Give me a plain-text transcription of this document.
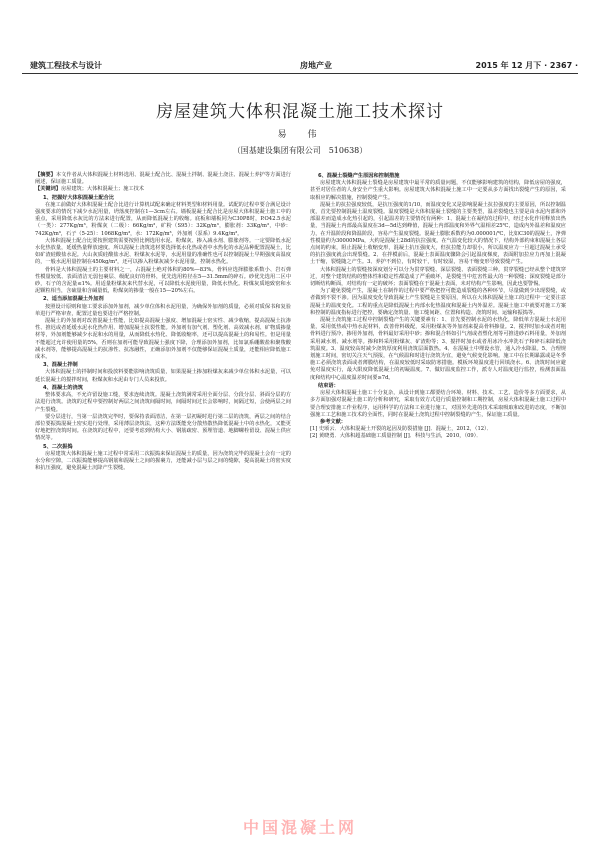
建筑工程技术与设计	房地产业	2015 年 12 月下 · 2367 ·
房屋建筑大体积混凝土施工技术探讨
易　伟
（国基建设集团有限公司　510638）

【摘要】本文作者从大体积混凝土材料选用、混凝土配合比、混凝土拌制、混凝土浇注、混凝土养护等方面进行阐述，保证施工质量。

【关键词】房屋建筑；大体积混凝土；施工技术

1、把握好大体积混凝土配合比

在施工前做好大体积混凝土配合比进行计算机试配来确定材料类型和材料用量。试配的过程中要合满足设计强度要求的情况下减少水泥用量，坍落度控制在1—3cm左右。墙板混凝土配合比是房屋大体积混凝土施工中的重点，采用降低水灰比的方法来进行配置，从而降低混凝土的收缩。底板和墙板同为C30P8时，P.O42.5水泥（一类）：277Kg/m³，粉煤灰（二级）：66Kg/m³，矿粉（S95）：32Kg/m³，膨胀剂：33Kg/m³，中砂：742Kg/m³，石子（5-25）：1068Kg/m³，水：172Kg/m³，外加剂（泵系）9.4Kg/m³。

大体积混凝土配合比要按照建筑需要按照比例选用水泥、粉煤灰、掺入减水剂、膨胀剂等。一定要降低水泥水化热放量，延缓热量释放速度。所以混凝土浇筑选材要选择低水化热或者中水热化的水泥品种配置混凝土，比如矿渣硅酸盐水泥。大山灰质硅酸盐水泥、粉煤灰水泥等，水泥用量的准确性也可以控制混凝土早期强度高温度的，一般水泥用量控制在450kg/m³，还可以掺入粉煤灰减少水泥用量，控制水热化。

骨料是大体积混凝土的主要材料之一，占混凝土绝对体积的80%—83%。骨料应选择膨胀系数小、岩石弹性模量较低、表面清洁无弱包裹层、级配良好的骨料，优先选用粒径在5—31.5mm的碎石。砂优先选用二区中砂，石子的含泥量≤1%。用适量粉煤灰来代替水泥，可以降低水泥使用量，降低水热化。粉煤灰质地致密和水泥颗粒相当，含硫量和含碱量低，粉煤灰的掺量一般在15—20%左右。

2、适当添加混凝土外加剂

按照设计原则和施工要求添加外加剂，减少单位体积水泥用量，为确保外加剂的质量，必须对质保书和复验单进行严格审查，配置过量也要进行严格控制。

混凝土的外加剂对改善混凝土性能，比如提高混凝土强度、增加混凝土密实性、减少收缩，提高混凝土抗渗性、推迟或者延缓水泥水化热作用、增加混凝土抗裂性能。外加剂有加气剂、塑化剂、高效减水剂、矿物质掺量材等，外加剂能够减少水泥和水的用量，从而降低水热化、降低收缩率，还可以提高混凝土的和易性。但是用量不能超过允许使用量的5%，否则在加剂可能导致混凝土强度下降，合理添加外加剂，比如氯系硼酸盐和聚羧酸减水剂等，能够提高混凝土的抗渗性、抗冻融性，正确添加外加剂不仅能够保证混凝土质量，还能相应降低施工成本。

3、混凝土拌制

大体积混凝土的拌制时间和投放料要能影响浇筑质量，如果混凝土掺加粉煤灰来减少单位体积水泥量，可以延长混凝土的搅拌时间，粉煤灰和水泥由专门人员来投放。

4、混凝土的浇筑

整体要求高，不允许留设施工缝，要求连续浇筑。混凝土浇筑满常采用全面分层、分段分层、斜面分层的方法进行浇筑。浇筑的过程中要控制好两层之间浇筑间隔时间，间隔时间过长会影响时，间隔过短，会使两层之间产生裂缝。

要分层进行，当第一层浇筑完毕时，要保持表面清洁，在第一层初凝时进行第二层的浇筑，两层之间的结合部位要振捣混凝土密实进行处理，采用薄层浇筑法，这种方法既能充分散热散热降低混凝土中的水热化，又能更好地把控浇筑时间。在浇筑的过程中，还要考虑到结构大小、钢筋疏密、预埋管道、地脚螺栓留设、混凝土供应情况等。

5、二次振捣

房屋建筑大体积混凝土施工过程中常采用二次振捣来保证混凝土的质量，因为浇筑完毕的混凝土会有一定的水分和空隙，二次振捣能够提高钢筋和混凝土之间的握裹力，还能减小层与层之间的缝隙，提高混凝土的密实度和抗压强度，避免混凝土沉降产生裂缝。

6、混凝土裂缝产生原因和控制措施

房屋建筑大体积混凝土裂缝是房屋建筑中最平常的质量问题，不仅能够影响建筑的结构，降低房屋的强度，甚至对居住者的人身安全产生重大影响。房屋建筑大体积混凝土施工中一定要从多方面找出裂缝产生的原因，采取相应的解决措施，控制裂缝产生。

混凝土的抗拉强度较低，是抗压强度的1/10，而温度变化又是影响混凝土抗拉强度的主要原因，所以控制温度，首先要控制混凝土温度裂缝。温度裂缝是大体积混凝土裂缝的主要类型，温差裂缝也主要是由水泥内部和外部温差而造成水化热引起的，引起温差的主要情况有两种：1、混凝土在凝结的过程中，经过水化作用释放出热量，当混凝土内部最高温度在3d—5d达到峰值，混凝土内部温度和外界气温相差25℃，造成内外温差和温度应力，在升温阶段和降温阶段，容易产生温度裂缝。混凝土膨胀系数约为0.000001/℃，比如C30的混凝土，净弹性模量约为30000MPa，大约是混凝土28d的抗拉强度。在气温变化较大的情况下，结构外部约束和混凝土各层点间的约束，阻止混凝土收缩变形，混凝土抗压强度大，但抗拉能力却很小，所以温度应力一旦超过混凝土承受的抗拉强度就会出现裂缝。2、在拌模前后，混凝土表面温度骤降会引起温度梯度，表面附加拉应力再加上混凝土干缩，裂缝随之产生。3、养护不到位，有时较干，有时较湿，容易干缩变形导致裂缝产生。

大体积混凝土的裂缝按深度划分可以分为贯穿裂缝、深层裂缝、表面裂缝三种。贯穿裂缝已经从整个建筑穿过，对整个建筑结构的整体性和稳定性都造成了严重破坏，是裂缝当中危害性最大的一种裂缝；深度裂缝是部分切断结构断面，对结构有一定的破坏；表面裂缝在于混凝土表面，未对结构产生影响，因此也要警惕。

为了避免裂缝产生，混凝土在制作的过程中要严格把控可能造成裂缝的各种环节，尽量做到少出现裂缝，或者做到不裂不渗。因为温度变化导致混凝土产生裂缝是主要原因，所以在大体积混凝土施工的过程中一定要注意混凝土的温度变化。工程的重点是降低混凝土内部水化热温度和混凝土内外温差。混凝土施工中就要对施工方案和控制的温度指标进行把控，要确定浇筑量、施工缝间距、位置和构造、浇筑时间、运输和振捣等。

混凝土浇筑施工过程中控制裂缝产生的关键要素有：1、首先要控制水泥的水热化，降低单方混凝土水泥用量，采用低热或中热水泥材料，改善骨料级配，采用粉煤灰等外加剂来提高骨料掺量。2、搅拌时加水或者对粗骨料进行预冷，掺用外加剂，骨料最好采用中砂；掺和混合料如引气剂或者塑化剂等可推进砂石料用量，外加剂采用减水剂、减水剂等。掺和料采用粉煤灰、矿渣粉等；3、搅拌时加水或者用冰冷水冲洗石子和碎石来降低浇筑温度。3、温度较高时减少浇筑厚度利用浇筑层面散热。4、在混凝土中埋设水管，通入冷水降温。5、合理规划施工时间，密切关注天气预报，在气候温和时进行浇筑为宜，避免气候变化影响。施工中在长期暴露或是冬季施工必须浇筑表面或者薄膜结构，在温度较低时采取防寒措施。模板环境温度进行回填浇水。6、浇筑时间应避免对温度实行，最大限度降低混凝土的初凝温度。7、做好温度监控工作，派专人对温度进行监控，检测表面温度和结构中心温度温差时间要≥7d。

结束语：

房屋大体积混凝土施工十分复杂，从设计到施工都要结合环境、材料、技术、工艺、造价等多方面要求，从多方面加强对混凝土施工的分析和研究，采取有效方式进行质量控制和工期控制，房屋大体积混凝土施工过程中要合理安排施工作业程序，运用科学的方法和工业进行施工，对国外先进的技术采取吸取和改进的态度，不断加强施工工艺和施工技术的全面性，同时在混凝土浇筑过程中控制裂缝的产生，保证施工质量。

参考文献：

[1] 史颂云．大体积混凝土开裂的起因及防裂措施 [J]．混凝土，2012，（12）．

[2] 黄晓勇．大体积超基础施工质量控制 [J]．科技与生活，2010，（09）．

中国混凝土网
